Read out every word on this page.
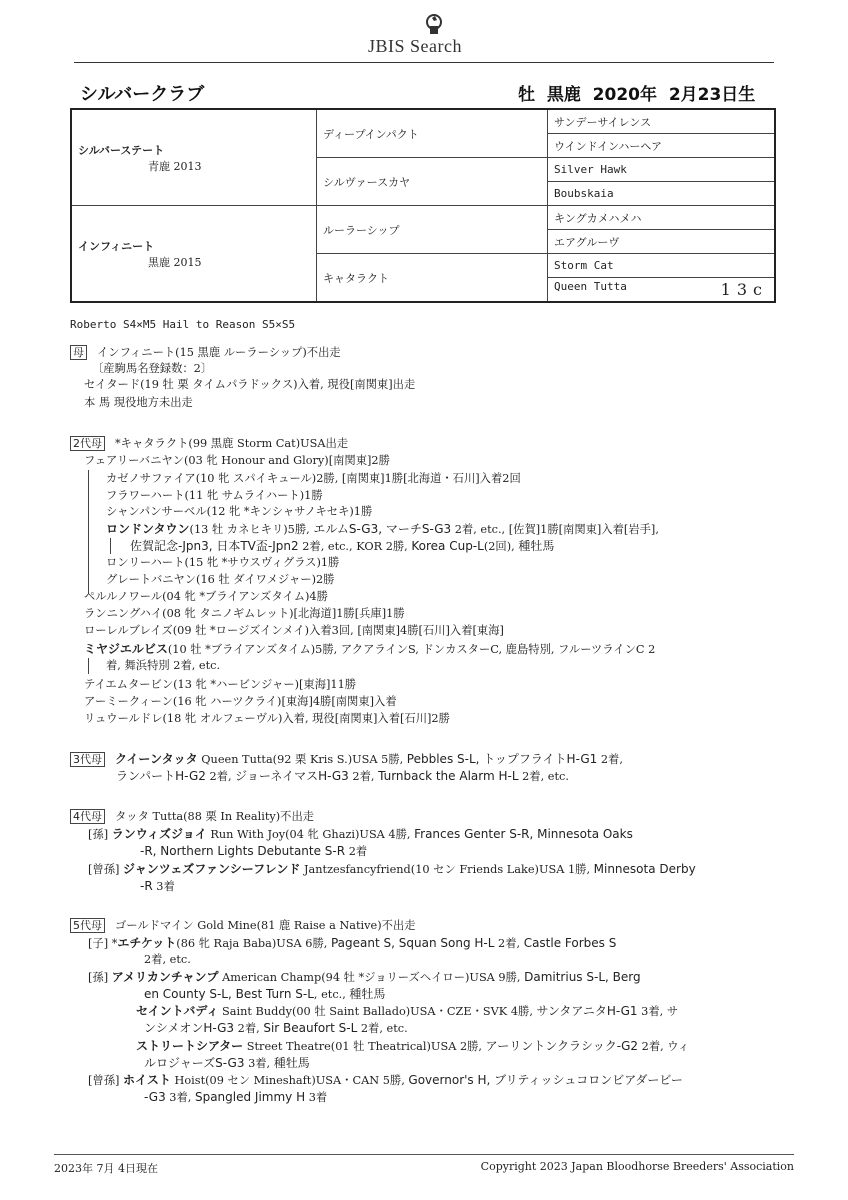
JBIS Search
シルバークラブ	牡  黒鹿  2020年  2月23日生
シルバーステート
青鹿 2013	ディープインパクト	サンデーサイレンス
		ウインドインハーヘア
	シルヴァースカヤ	Silver Hawk
		Boubskaia

インフィニート
黒鹿 2015	ルーラーシップ	キングカメハメハ
		エアグルーヴ
	キャタラクト	Storm Cat
		Queen Tutta 13c
Roberto S4×M5 Hail to Reason S5×S5
母 インフィニート(15 黒鹿 ルーラーシップ)不出走
〔産駒馬名登録数：2〕
セイタード(19 牡 栗 タイムパラドックス)入着, 現役[南関東]出走
本 馬 現役地方未出走
2代母 *キャタラクト(99 黒鹿 Storm Cat)USA出走
フェアリーバニヤン(03 牝 Honour and Glory)[南関東]2勝
カゼノサファイア(10 牝 スパイキュール)2勝, [南関東]1勝[北海道・石川]入着2回
フラワーハート(11 牝 サムライハート)1勝
シャンパンサーベル(12 牝 *キンシャサノキセキ)1勝
ロンドンタウン(13 牡 カネヒキリ)5勝, エルムS-G3, マーチS-G3 2着, etc., [佐賀]1勝[南関東]入着[岩手],
佐賀記念-Jpn3, 日本TV盃-Jpn2 2着, etc., KOR 2勝, Korea Cup-L(2回), 種牡馬
ロンリーハート(15 牝 *サウスヴィグラス)1勝
グレートバニヤン(16 牡 ダイワメジャー)2勝
ペルルノワール(04 牝 *ブライアンズタイム)4勝
ランニングハイ(08 牝 タニノギムレット)[北海道]1勝[兵庫]1勝
ローレルブレイズ(09 牡 *ロージズインメイ)入着3回, [南関東]4勝[石川]入着[東海]
ミヤジエルビス(10 牡 *ブライアンズタイム)5勝, アクアラインS, ドンカスターC, 鹿島特別, フルーツラインC 2
着, 舞浜特別 2着, etc.
テイエムタービン(13 牝 *ハービンジャー)[東海]11勝
アーミークィーン(16 牝 ハーツクライ)[東海]4勝[南関東]入着
リュウールドレ(18 牝 オルフェーヴル)入着, 現役[南関東]入着[石川]2勝
3代母 クイーンタッタ Queen Tutta(92 栗 Kris S.)USA 5勝, Pebbles S-L, トップフライトH-G1 2着,
ランパートH-G2 2着, ジョーネイマスH-G3 2着, Turnback the Alarm H-L 2着, etc.
4代母 タッタ Tutta(88 栗 In Reality)不出走
[孫] ランウィズジョイ Run With Joy(04 牝 Ghazi)USA 4勝, Frances Genter S-R, Minnesota Oaks
-R, Northern Lights Debutante S-R 2着
[曾孫] ジャンツェズファンシーフレンド Jantzesfancyfriend(10 セン Friends Lake)USA 1勝, Minnesota Derby
-R 3着
5代母 ゴールドマイン Gold Mine(81 鹿 Raise a Native)不出走
[子] *エチケット(86 牝 Raja Baba)USA 6勝, Pageant S, Squan Song H-L 2着, Castle Forbes S
2着, etc.
[孫] アメリカンチャンプ American Champ(94 牡 *ジョリーズヘイロー)USA 9勝, Damitrius S-L, Berg
en County S-L, Best Turn S-L, etc., 種牡馬
セイントバディ Saint Buddy(00 牡 Saint Ballado)USA・CZE・SVK 4勝, サンタアニタH-G1 3着, サ
ンシメオンH-G3 2着, Sir Beaufort S-L 2着, etc.
ストリートシアター Street Theatre(01 牡 Theatrical)USA 2勝, アーリントンクラシック-G2 2着, ウィ
ルロジャーズS-G3 3着, 種牡馬
[曾孫] ホイスト Hoist(09 セン Mineshaft)USA・CAN 5勝, Governor's H, ブリティッシュコロンビアダービー
-G3 3着, Spangled Jimmy H 3着
2023年 7月 4日現在	Copyright 2023 Japan Bloodhorse Breeders' Association
